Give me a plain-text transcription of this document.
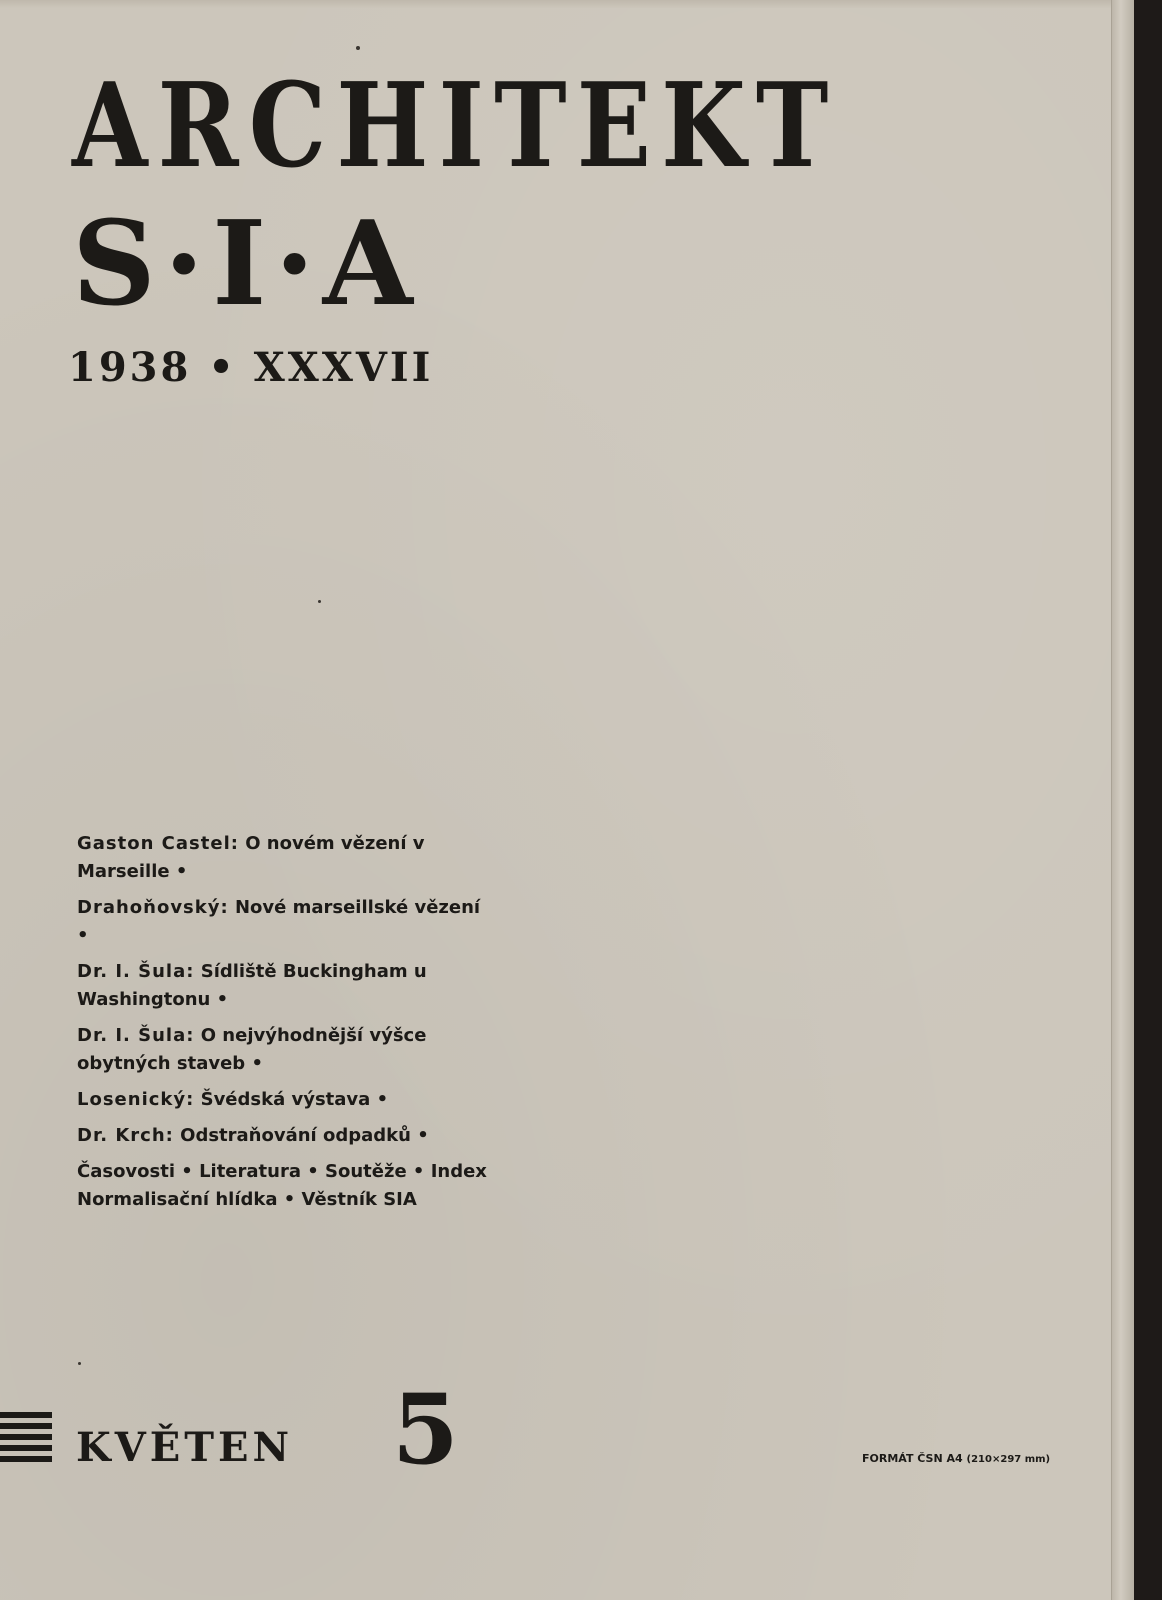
ARCHITEKT
S·I·A
1938 • XXXVII
Gaston Castel: O novém vězení v Marseille •
Drahoňovský: Nové marseillské vězení •
Dr. I. Šula: Sídliště Buckingham u Washingtonu •
Dr. I. Šula: O nejvýhodnější výšce obytných staveb •
Losenický: Švédská výstava •
Dr. Krch: Odstraňování odpadků •
Časovosti • Literatura • Soutěže • Index
Normalisační hlídka • Věstník SIA
KVĚTEN 5	FORMÁT ČSN A4 (210×297 mm)
